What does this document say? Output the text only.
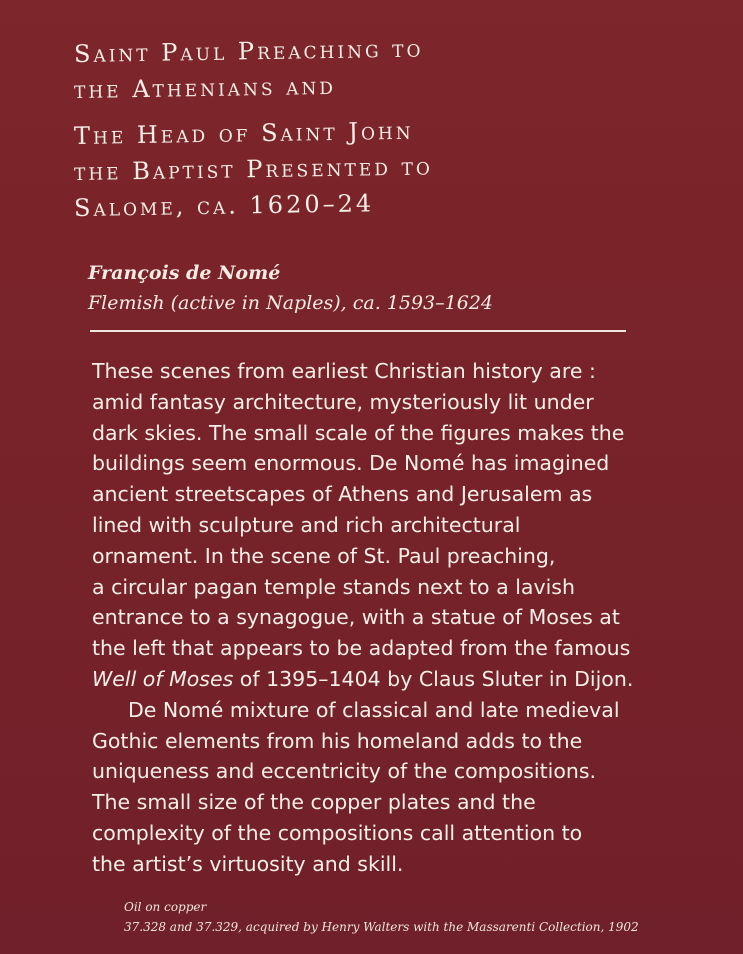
Saint Paul Preaching to
the Athenians and
The Head of Saint John
the Baptist Presented to
Salome, ca. 1620–24
François de Nomé
Flemish (active in Naples), ca. 1593–1624
These scenes from earliest Christian history are :
amid fantasy architecture, mysteriously lit under
dark skies. The small scale of the figures makes the
buildings seem enormous. De Nomé has imagined
ancient streetscapes of Athens and Jerusalem as
lined with sculpture and rich architectural
ornament. In the scene of St. Paul preaching,
a circular pagan temple stands next to a lavish
entrance to a synagogue, with a statue of Moses at
the left that appears to be adapted from the famous
Well of Moses of 1395–1404 by Claus Sluter in Dijon.
De Nomé mixture of classical and late medieval
Gothic elements from his homeland adds to the
uniqueness and eccentricity of the compositions.
The small size of the copper plates and the
complexity of the compositions call attention to
the artist’s virtuosity and skill.
Oil on copper
37.328 and 37.329, acquired by Henry Walters with the Massarenti Collection, 1902
